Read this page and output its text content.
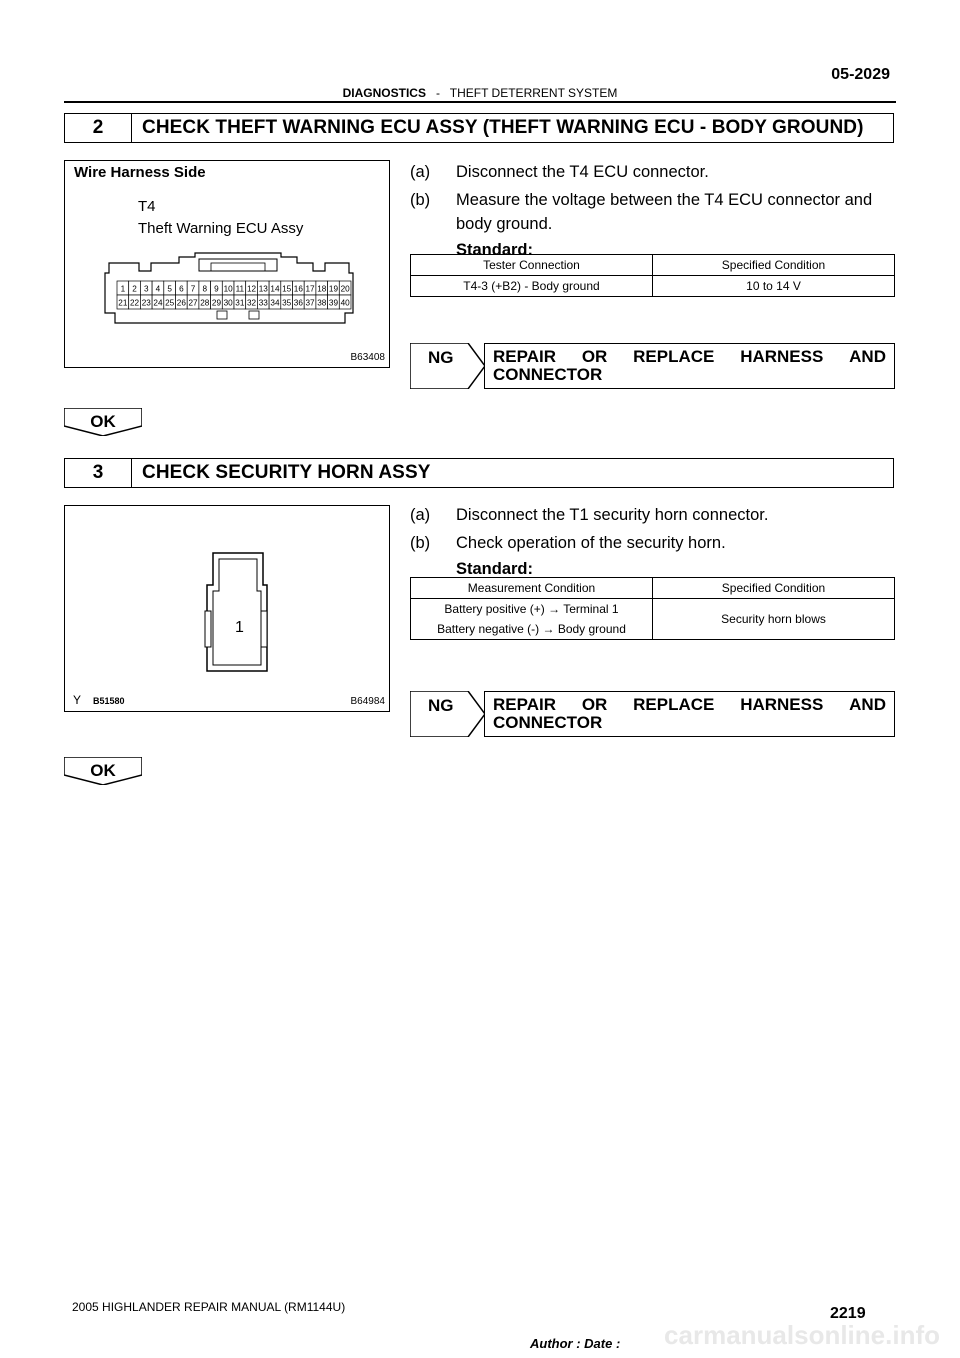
05-2029
DIAGNOSTICS - THEFT DETERRENT SYSTEM
2	CHECK THEFT WARNING ECU ASSY (THEFT WARNING ECU - BODY GROUND)
Wire Harness Side
T4
Theft Warning ECU Assy
1 2 3 4 5 6 7 8 9 10 11 12 13 14 15 16 17 18 19 20
21 22 23 24 25 26 27 28 29 30 31 32 33 34 35 36 37 38 39 40
B63408
(a) Disconnect the T4 ECU connector.
(b) Measure the voltage between the T4 ECU connector and
body ground.
Standard:
Tester Connection	Specified Condition
T4-3 (+B2) - Body ground	10 to 14 V
NG REPAIR OR REPLACE HARNESS AND
CONNECTOR
OK
3	CHECK SECURITY HORN ASSY
1
Y B51580	B64984
(a) Disconnect the T1 security horn connector.
(b) Check operation of the security horn.
Standard:
Measurement Condition	Specified Condition

Battery positive (+) → Terminal 1
Battery negative (-) → Body ground	Security horn blows
NG REPAIR OR REPLACE HARNESS AND
CONNECTOR
OK
2005 HIGHLANDER REPAIR MANUAL (RM1144U)	2219
Author : Date : carmanualsonline.info
